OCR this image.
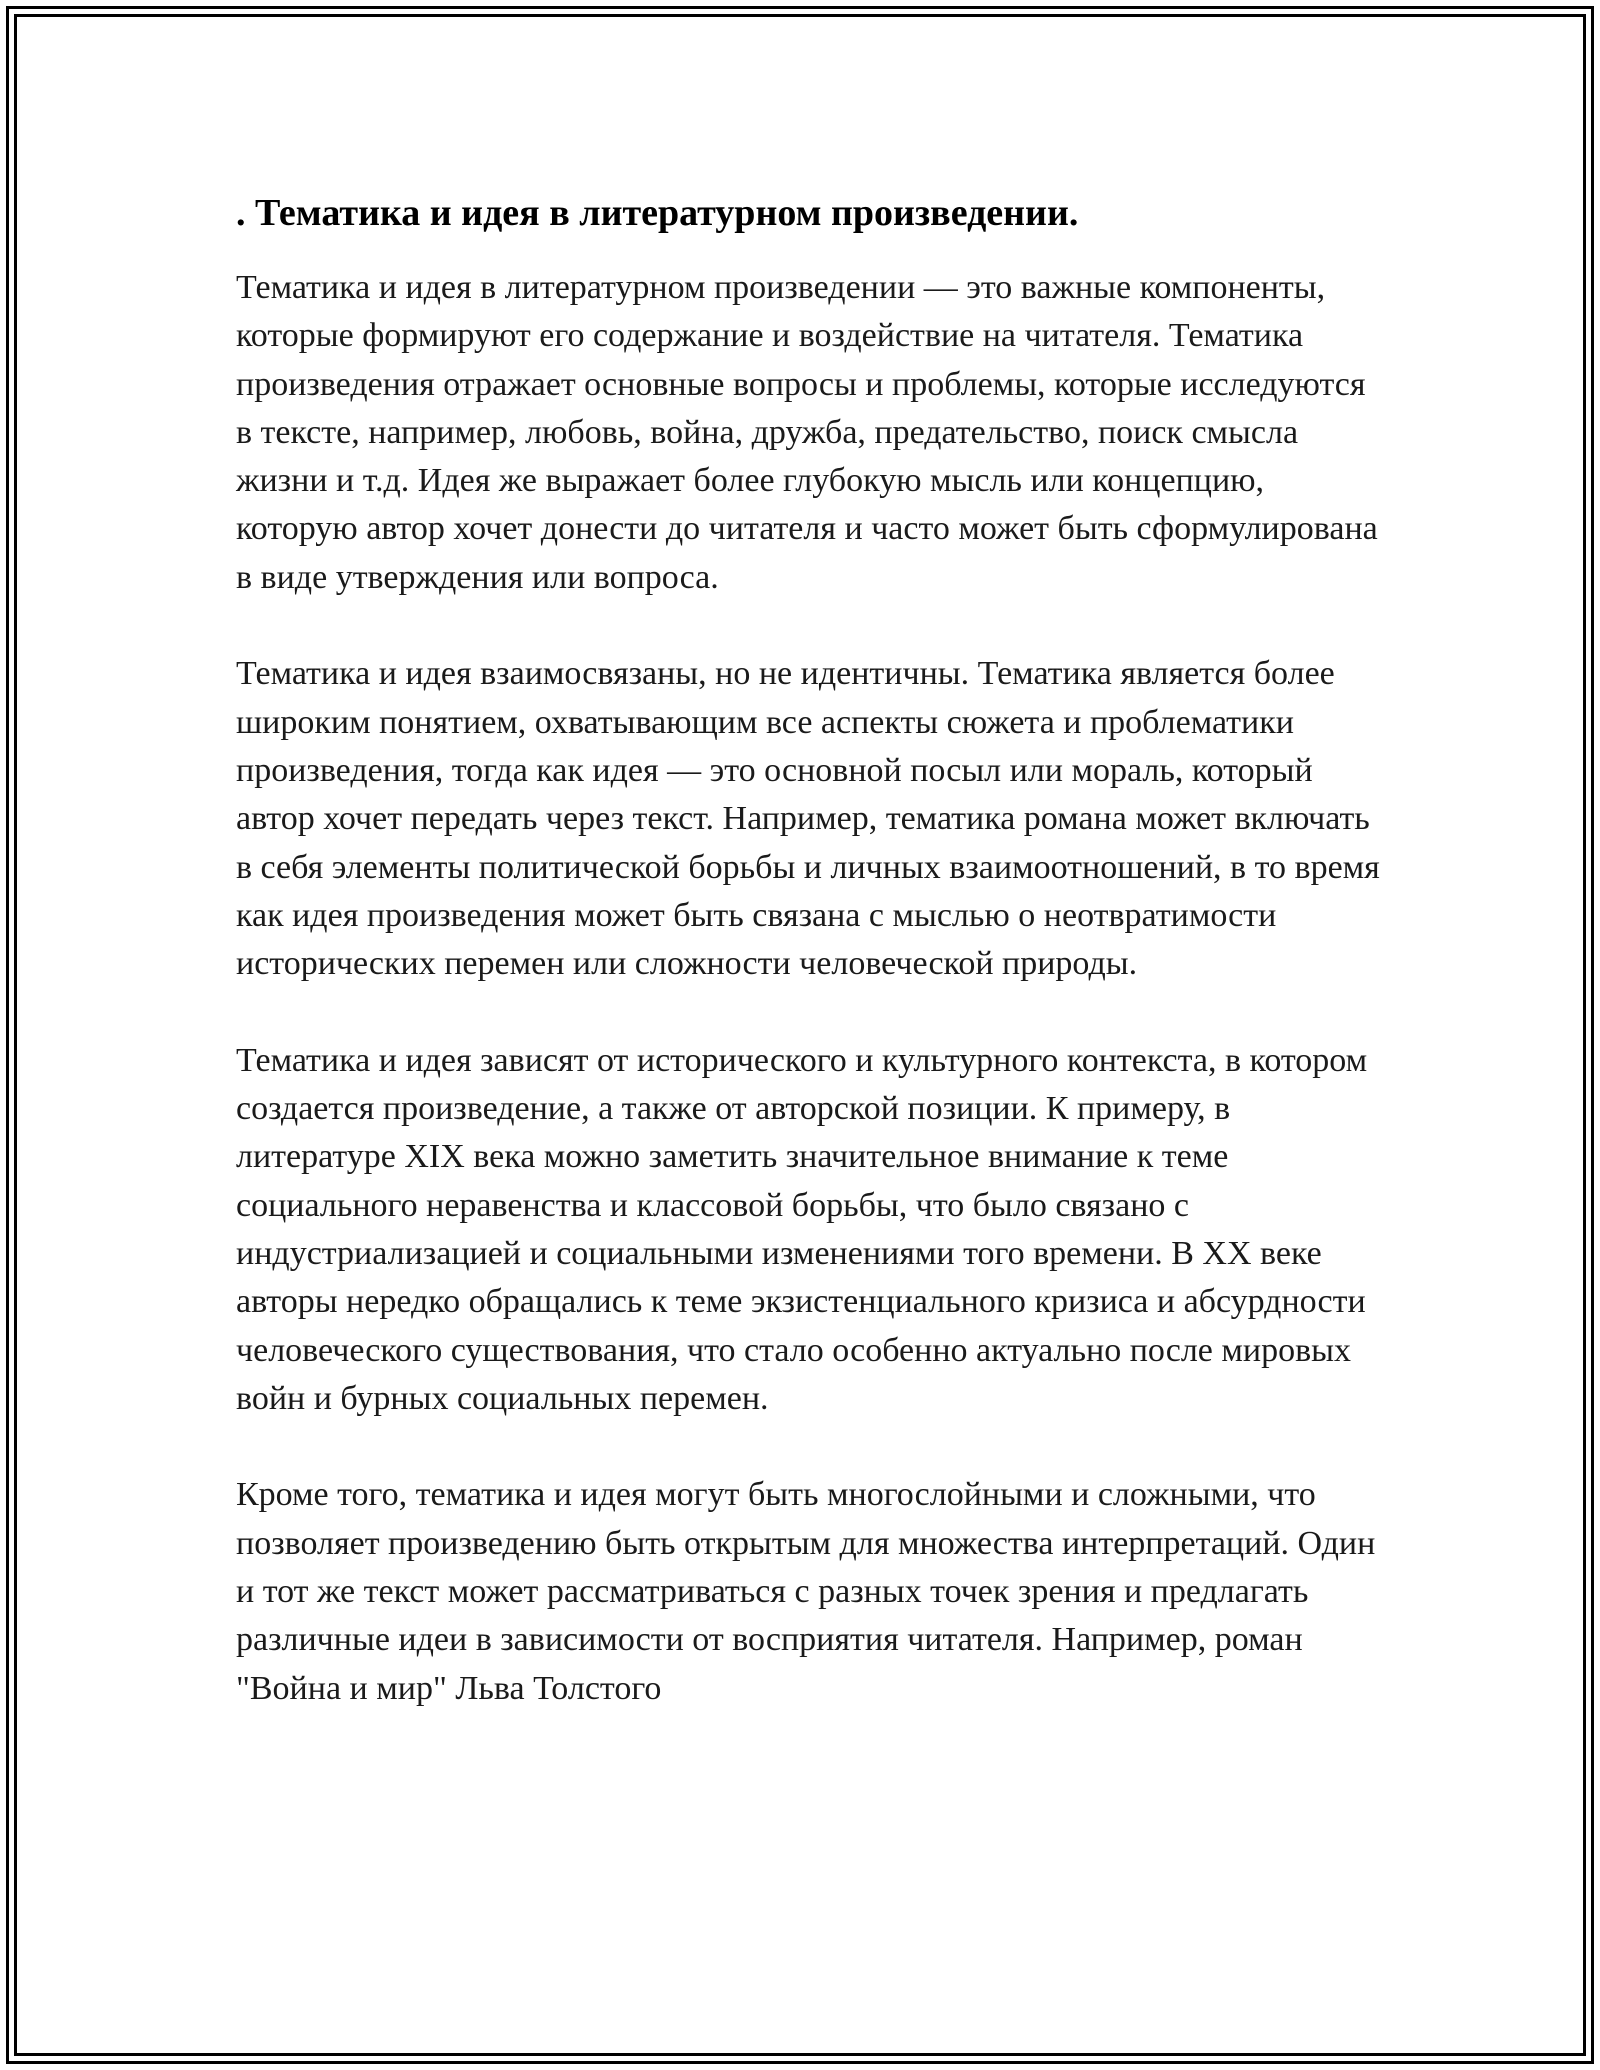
. Тематика и идея в литературном произведении.

Тематика и идея в литературном произведении — это важные компоненты, которые формируют его содержание и воздействие на читателя. Тематика произведения отражает основные вопросы и проблемы, которые исследуются в тексте, например, любовь, война, дружба, предательство, поиск смысла жизни и т.д. Идея же выражает более глубокую мысль или концепцию, которую автор хочет донести до читателя и часто может быть сформулирована в виде утверждения или вопроса.

Тематика и идея взаимосвязаны, но не идентичны. Тематика является более широким понятием, охватывающим все аспекты сюжета и проблематики произведения, тогда как идея — это основной посыл или мораль, который автор хочет передать через текст. Например, тематика романа может включать в себя элементы политической борьбы и личных взаимоотношений, в то время как идея произведения может быть связана с мыслью о неотвратимости исторических перемен или сложности человеческой природы.

Тематика и идея зависят от исторического и культурного контекста, в котором создается произведение, а также от авторской позиции. К примеру, в литературе XIX века можно заметить значительное внимание к теме социального неравенства и классовой борьбы, что было связано с индустриализацией и социальными изменениями того времени. В XX веке авторы нередко обращались к теме экзистенциального кризиса и абсурдности человеческого существования, что стало особенно актуально после мировых войн и бурных социальных перемен.

Кроме того, тематика и идея могут быть многослойными и сложными, что позволяет произведению быть открытым для множества интерпретаций. Один и тот же текст может рассматриваться с разных точек зрения и предлагать различные идеи в зависимости от восприятия читателя. Например, роман "Война и мир" Льва Толстого
